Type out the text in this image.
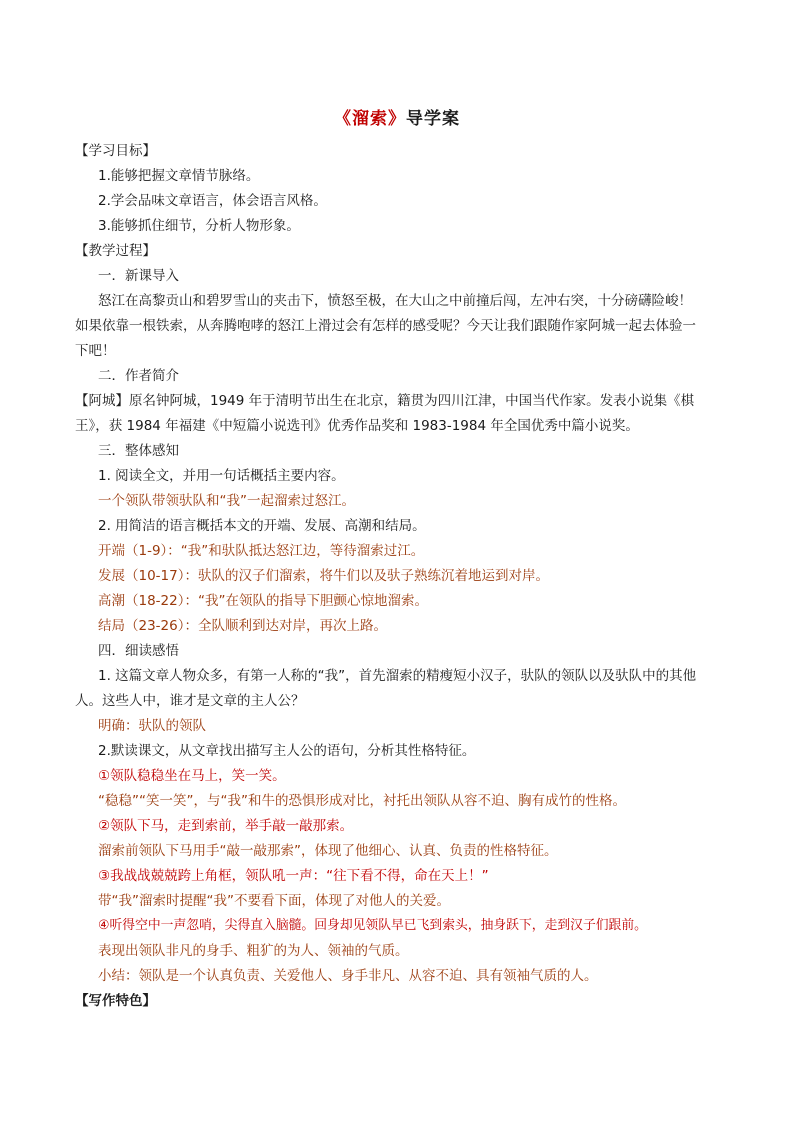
《溜索》导学案
【学习目标】
1.能够把握文章情节脉络。
2.学会品味文章语言，体会语言风格。
3.能够抓住细节，分析人物形象。
【教学过程】
一．新课导入
怒江在高黎贡山和碧罗雪山的夹击下，愤怒至极，在大山之中前撞后闯，左冲右突，十分磅礴险峻！
如果依靠一根铁索，从奔腾咆哮的怒江上滑过会有怎样的感受呢？今天让我们跟随作家阿城一起去体验一
下吧！
二．作者简介
【阿城】原名钟阿城，1949 年于清明节出生在北京，籍贯为四川江津，中国当代作家。发表小说集《棋
王》，获 1984 年福建《中短篇小说选刊》优秀作品奖和 1983-1984 年全国优秀中篇小说奖。
三．整体感知
1. 阅读全文，并用一句话概括主要内容。
一个领队带领驮队和“我”一起溜索过怒江。
2. 用简洁的语言概括本文的开端、发展、高潮和结局。
开端（1-9）：“我”和驮队抵达怒江边，等待溜索过江。
发展（10-17）：驮队的汉子们溜索，将牛们以及驮子熟练沉着地运到对岸。
高潮（18-22）：“我”在领队的指导下胆颤心惊地溜索。
结局（23-26）：全队顺利到达对岸，再次上路。
四．细读感悟
1. 这篇文章人物众多，有第一人称的“我”，首先溜索的精瘦短小汉子，驮队的领队以及驮队中的其他
人。这些人中，谁才是文章的主人公？
明确：驮队的领队
2.默读课文，从文章找出描写主人公的语句，分析其性格特征。
①领队稳稳坐在马上，笑一笑。
“稳稳”“笑一笑”，与“我”和牛的恐惧形成对比，衬托出领队从容不迫、胸有成竹的性格。
②领队下马，走到索前，举手敲一敲那索。
溜索前领队下马用手“敲一敲那索”，体现了他细心、认真、负责的性格特征。
③我战战兢兢跨上角框，领队吼一声：“往下看不得，命在天上！”
带“我”溜索时提醒“我”不要看下面，体现了对他人的关爱。
④听得空中一声忽哨，尖得直入脑髓。回身却见领队早已飞到索头，抽身跃下，走到汉子们跟前。
表现出领队非凡的身手、粗犷的为人、领袖的气质。
小结：领队是一个认真负责、关爱他人、身手非凡、从容不迫、具有领袖气质的人。
【写作特色】
